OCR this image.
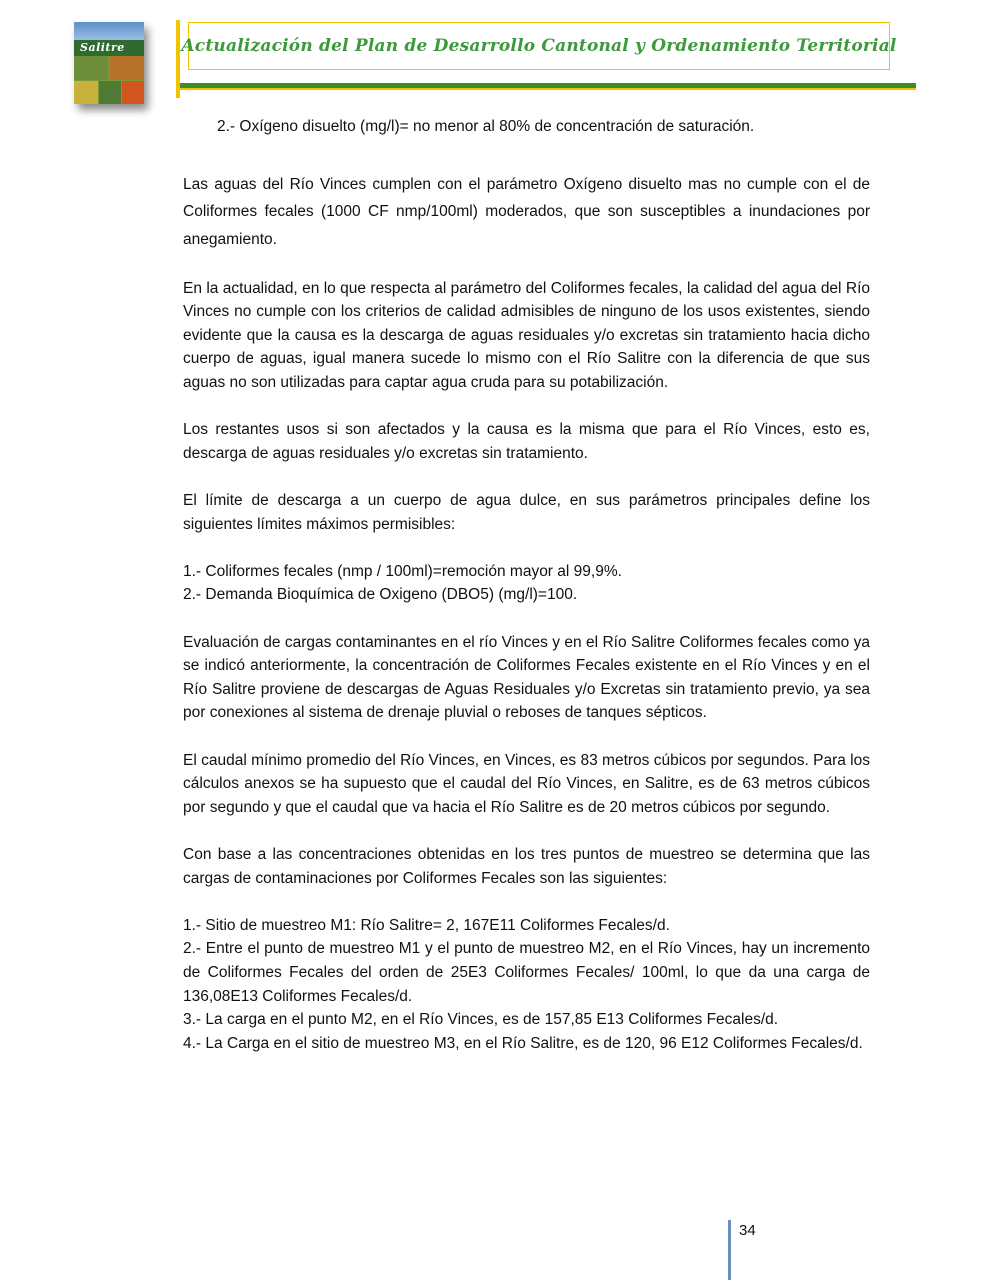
Salitre	Actualización del Plan de Desarrollo Cantonal y Ordenamiento Territorial

2.- Oxígeno disuelto (mg/l)= no menor al 80% de concentración de saturación.

Las aguas del Río Vinces cumplen con el parámetro Oxígeno disuelto mas no cumple con el de Coliformes fecales (1000 CF nmp/100ml) moderados, que son susceptibles a inundaciones por anegamiento.

En la actualidad, en lo que respecta al parámetro del Coliformes fecales, la calidad del agua del Río Vinces no cumple con los criterios de calidad admisibles de ninguno de los usos existentes, siendo evidente que la causa es la descarga de aguas residuales y/o excretas sin tratamiento hacia dicho cuerpo de aguas, igual manera sucede lo mismo con el Río Salitre con la diferencia de que sus aguas no son utilizadas para captar agua cruda para su potabilización.

Los restantes usos si son afectados y la causa es la misma que para el Río Vinces, esto es, descarga de aguas residuales y/o excretas sin tratamiento.

El límite de descarga a un cuerpo de agua dulce, en sus parámetros principales define los siguientes límites máximos permisibles:

1.- Coliformes fecales (nmp / 100ml)=remoción mayor al 99,9%.

2.- Demanda Bioquímica de Oxigeno (DBO5) (mg/l)=100.

Evaluación de cargas contaminantes en el río Vinces y en el Río Salitre Coliformes fecales como ya se indicó anteriormente, la concentración de Coliformes Fecales existente en el Río Vinces y en el Río Salitre proviene de descargas de Aguas Residuales y/o Excretas sin tratamiento previo, ya sea por conexiones al sistema de drenaje pluvial o reboses de tanques sépticos.

El caudal mínimo promedio del Río Vinces, en Vinces, es 83 metros cúbicos por segundos. Para los cálculos anexos se ha supuesto que el caudal del Río Vinces, en Salitre, es de 63 metros cúbicos por segundo y que el caudal que va hacia el Río Salitre es de 20 metros cúbicos por segundo.

Con base a las concentraciones obtenidas en los tres puntos de muestreo se determina que las cargas de contaminaciones por Coliformes Fecales son las siguientes:

1.- Sitio de muestreo M1: Río Salitre= 2, 167E11 Coliformes Fecales/d.

2.- Entre el punto de muestreo M1 y el punto de muestreo M2, en el Río Vinces, hay un incremento de Coliformes Fecales del orden de 25E3 Coliformes Fecales/ 100ml, lo que da una carga de 136,08E13 Coliformes Fecales/d.

3.- La carga en el punto M2, en el Río Vinces, es de 157,85 E13 Coliformes Fecales/d.

4.- La Carga en el sitio de muestreo M3, en el Río Salitre, es de 120, 96 E12 Coliformes Fecales/d.

34
